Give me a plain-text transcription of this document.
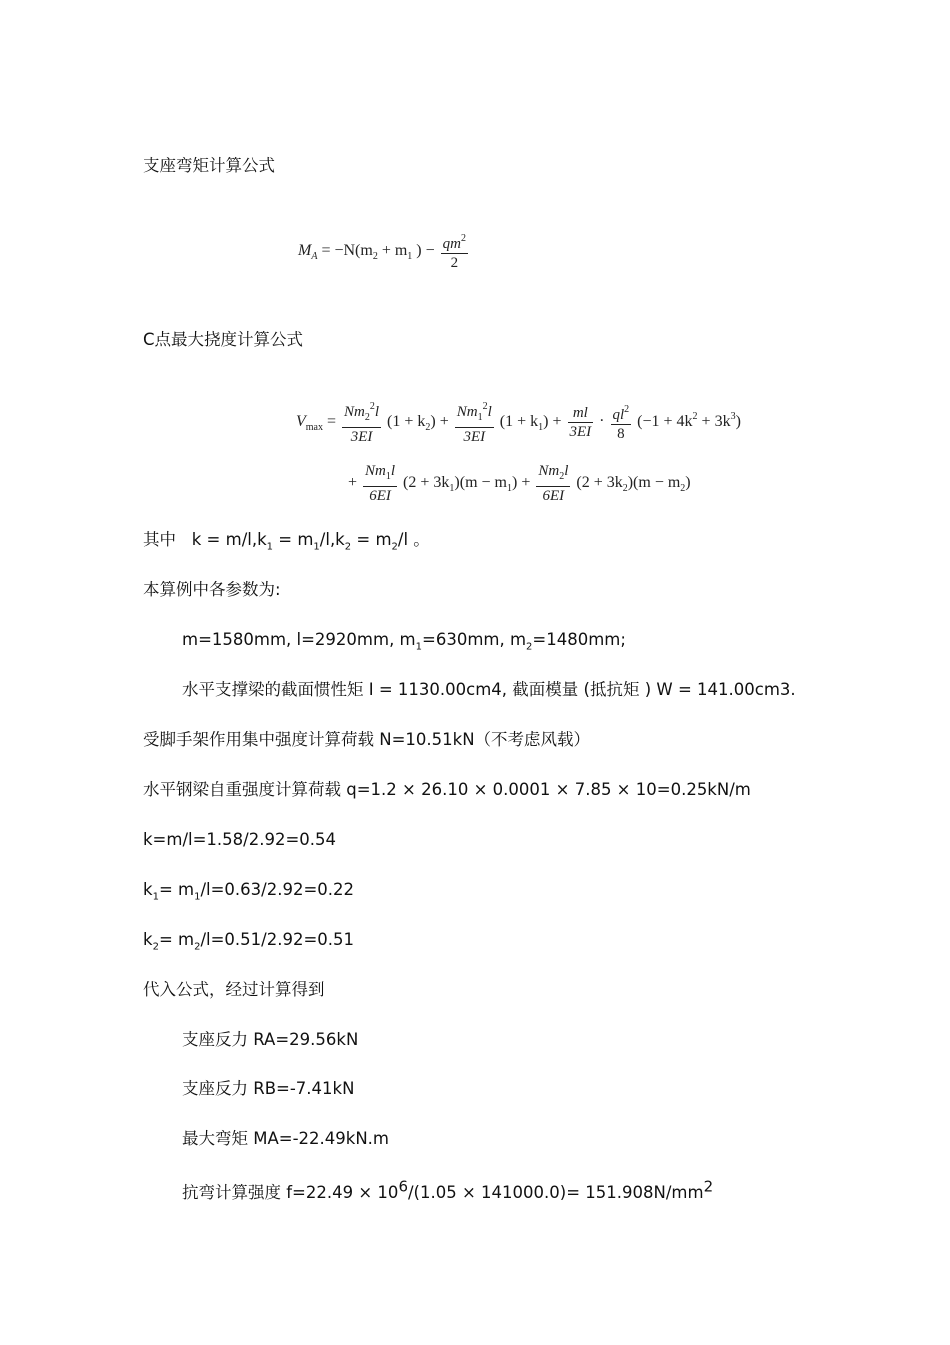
支座弯矩计算公式
$M_A = -N(m_2 + m_1$ ) − $\frac{qm^2}{2}$
C点最大挠度计算公式
$V_{max} = \frac{Nm_2^2l}{3EI} (1 + k_2) + \frac{Nm_1^2l}{3EI} (1 + k_1) + \frac{ml}{3EI} \cdot \frac{ql^2}{8} (-1 + 4k^2 + 3k^3)$
+ $\frac{Nm_1l}{6EI} (2 + 3k_1)(m - m_1) + \frac{Nm_2l}{6EI} (2 + 3k_2)(m - m_2)$
其中 $k = m/l,k_1 = m_1/l,k_2 = m_2/l$ 。
本算例中各参数为:
m=1580mm, l=2920mm, $m_1=630mm$, $m_2=1480mm$;
水平支撑梁的截面惯性矩 I = 1130.00cm4, 截面模量 (抵抗矩 ) W = 141.00cm3.
受脚手架作用集中强度计算荷载 N=10.51kN（不考虑风载）
水平钢梁自重强度计算荷载 q=1.2 × 26.10 × 0.0001 × 7.85 × 10=0.25kN/m
k=m/l=1.58/2.92=0.54
$k_1= m_1/l=0.63/2.92=0.22$
$k_2= m_2/l=0.51/2.92=0.51$
代入公式，经过计算得到
支座反力 RA=29.56kN
支座反力 RB=-7.41kN
最大弯矩 MA=-22.49kN.m
抗弯计算强度 $f=22.49 \times 10^6/(1.05 \times 141000.0)= 151.908N/mm^2$
